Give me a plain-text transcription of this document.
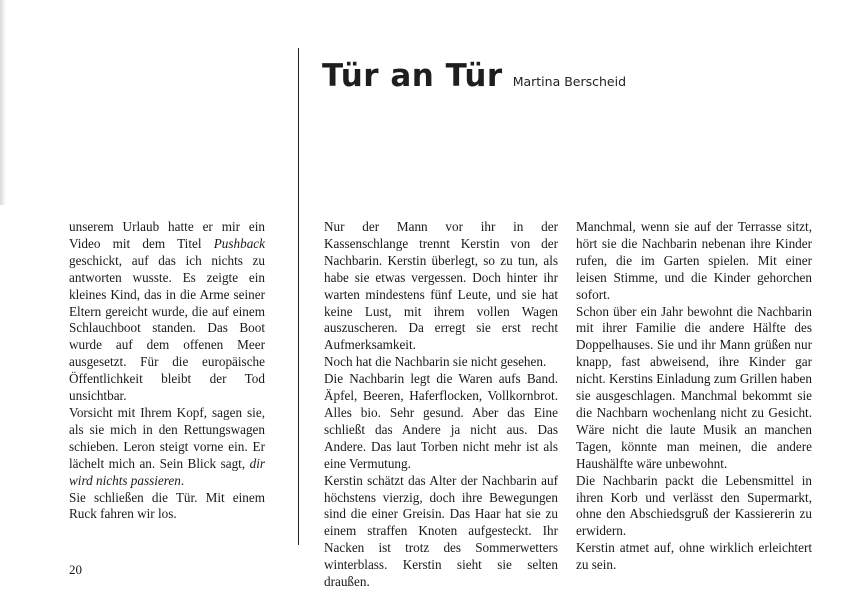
Tür an Tür Martina Berscheid

unserem Urlaub hatte er mir ein Video mit dem Titel Pushback geschickt, auf das ich nichts zu antworten wusste. Es zeigte ein kleines Kind, das in die Arme seiner Eltern gereicht wurde, die auf einem Schlauchboot standen. Das Boot wurde auf dem offenen Meer ausgesetzt. Für die europäische Öffentlichkeit bleibt der Tod unsichtbar.

Vorsicht mit Ihrem Kopf, sagen sie, als sie mich in den Rettungswagen schieben. Leron steigt vorne ein. Er lächelt mich an. Sein Blick sagt, dir wird nichts passieren.

Sie schließen die Tür. Mit einem Ruck fahren wir los.

Nur der Mann vor ihr in der Kassenschlange trennt Kerstin von der Nachbarin. Kerstin überlegt, so zu tun, als habe sie etwas vergessen. Doch hinter ihr warten mindestens fünf Leute, und sie hat keine Lust, mit ihrem vollen Wagen auszuscheren. Da erregt sie erst recht Aufmerksamkeit.

Noch hat die Nachbarin sie nicht gesehen.

Die Nachbarin legt die Waren aufs Band. Äpfel, Beeren, Haferflocken, Vollkornbrot. Alles bio. Sehr gesund. Aber das Eine schließt das Andere ja nicht aus. Das Andere. Das laut Torben nicht mehr ist als eine Vermutung.

Kerstin schätzt das Alter der Nachbarin auf höchstens vierzig, doch ihre Bewegungen sind die einer Greisin. Das Haar hat sie zu einem straffen Knoten aufgesteckt. Ihr Nacken ist trotz des Sommerwetters winterblass. Kerstin sieht sie selten draußen.

Manchmal, wenn sie auf der Terrasse sitzt, hört sie die Nachbarin nebenan ihre Kinder rufen, die im Garten spielen. Mit einer leisen Stimme, und die Kinder gehorchen sofort.

Schon über ein Jahr bewohnt die Nachbarin mit ihrer Familie die andere Hälfte des Doppelhauses. Sie und ihr Mann grüßen nur knapp, fast abweisend, ihre Kinder gar nicht. Kerstins Einladung zum Grillen haben sie ausgeschlagen. Manchmal bekommt sie die Nachbarn wochenlang nicht zu Gesicht. Wäre nicht die laute Musik an manchen Tagen, könnte man meinen, die andere Haushälfte wäre unbewohnt.

Die Nachbarin packt die Lebensmittel in ihren Korb und verlässt den Supermarkt, ohne den Abschiedsgruß der Kassiererin zu erwidern.

Kerstin atmet auf, ohne wirklich erleichtert zu sein.

20
